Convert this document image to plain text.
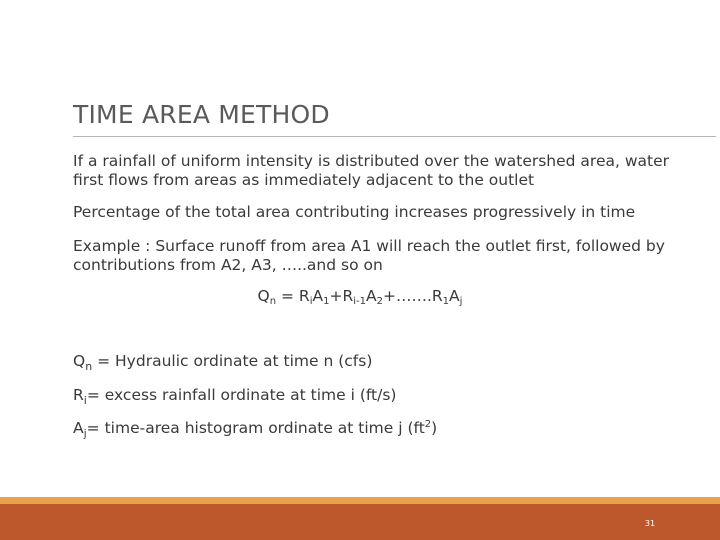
TIME AREA METHOD
If a rainfall of uniform intensity is distributed over the watershed area, water first flows from areas as immediately adjacent to the outlet
Percentage of the total area contributing increases progressively in time
Example : Surface runoff from area A1 will reach the outlet first, followed by contributions from A2, A3, …..and so on
$Q_n$ = $R_iA_1+R_{i-1}A_2+\dots\dots.R_1A_j$
$Q_n$ = Hydraulic ordinate at time n (cfs)
$R_i=$ excess rainfall ordinate at time i (ft/s)
$A_j=$ time-area histogram ordinate at time j $(ft^2)$
31
